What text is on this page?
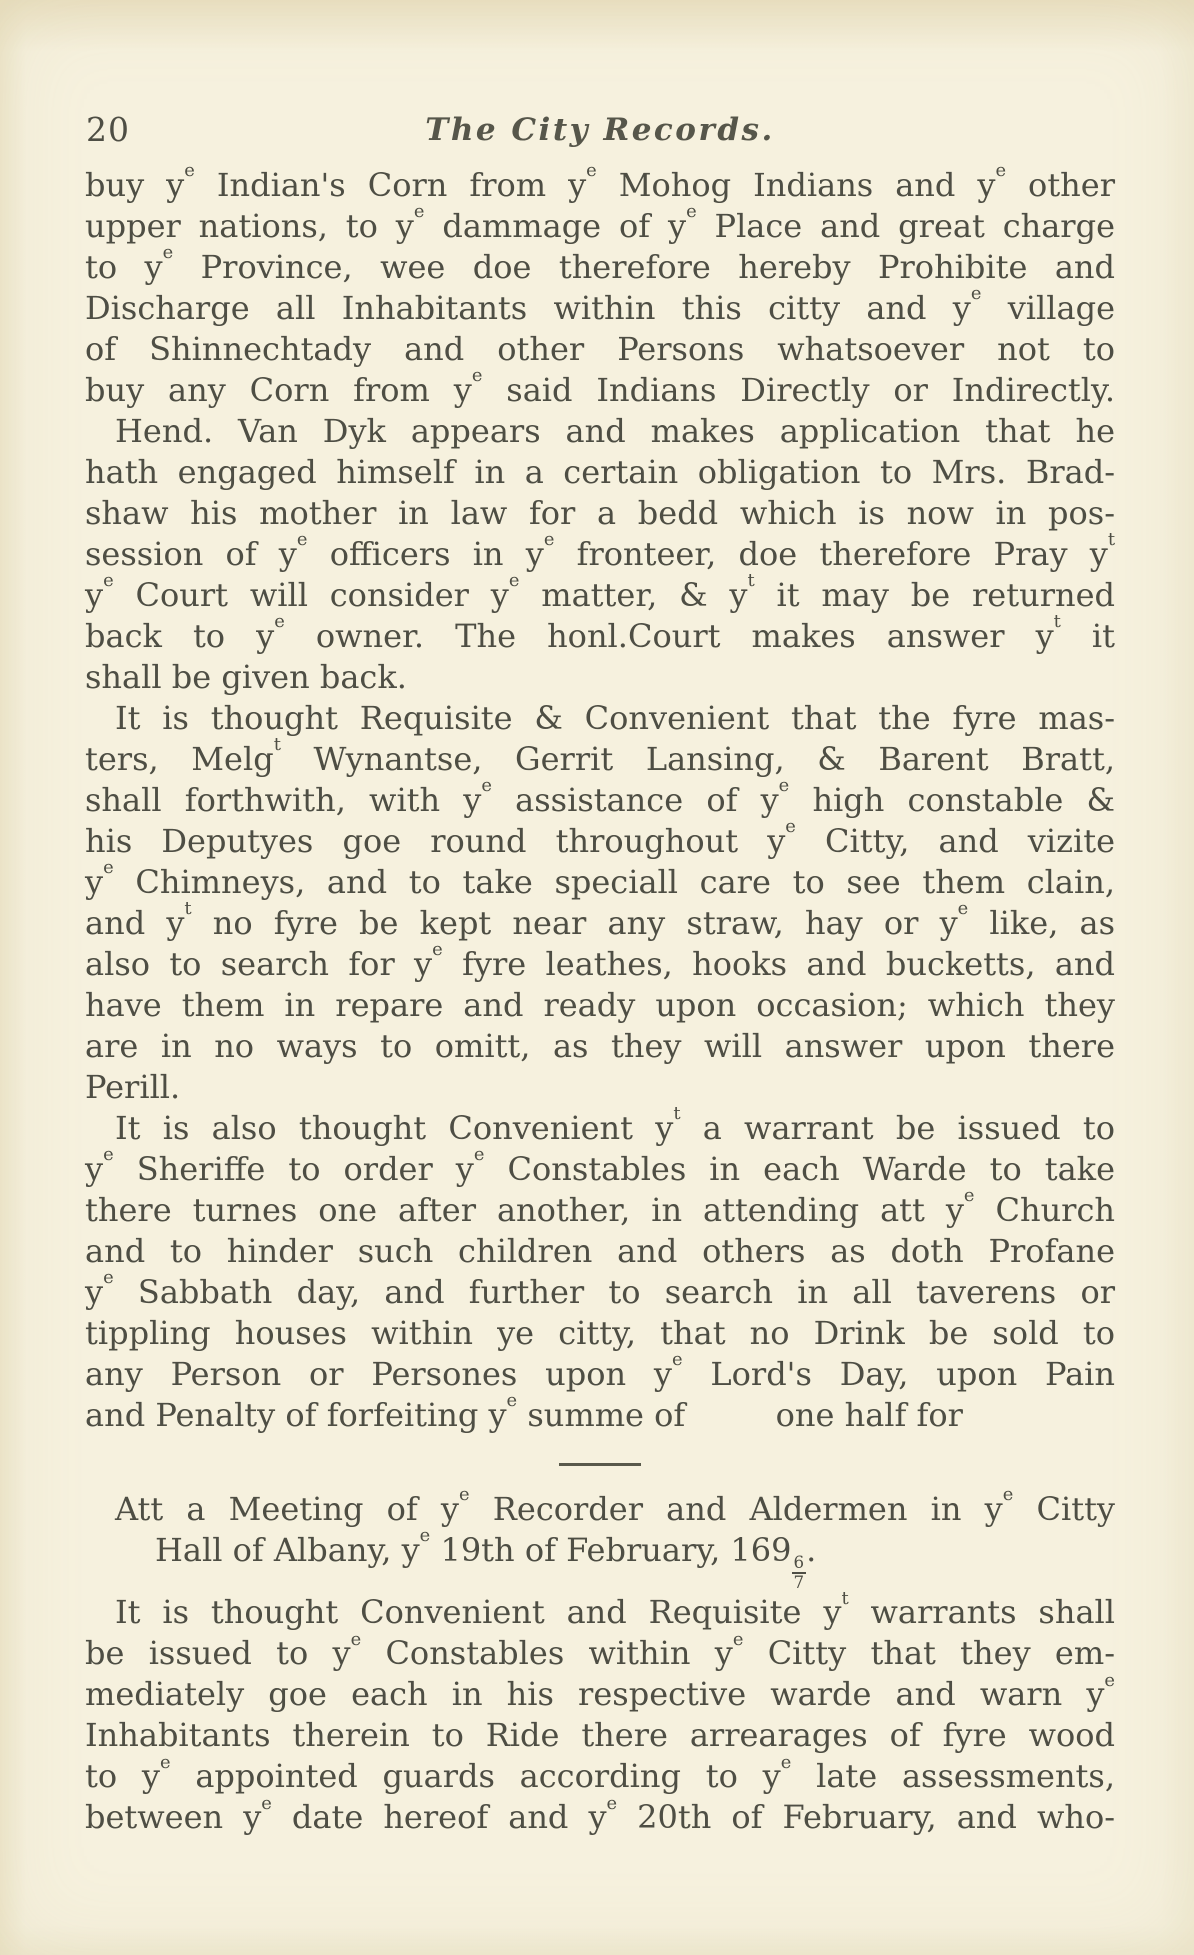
20	The City Records.
buy $y^e$ Indian's Corn from $y^e$ Mohog Indians and $y^e$ other
upper nations, to $y^e$ dammage of $y^e$ Place and great charge
to $y^e$ Province, wee doe therefore hereby Prohibite and
Discharge all Inhabitants within this citty and $y^e$ village
of Shinnechtady and other Persons whatsoever not to
buy any Corn from $y^e$ said Indians Directly or Indirectly.
Hend. Van Dyk appears and makes application that he
hath engaged himself in a certain obligation to Mrs. Brad-
shaw his mother in law for a bedd which is now in pos-
session of $y^e$ officers in $y^e$ fronteer, doe therefore Pray $y^t$
$y^e$ Court will consider $y^e$ matter, & $y^t$ it may be returned
back to $y^e$ owner. The honl.Court makes answer $y^t$ it
shall be given back.
It is thought Requisite & Convenient that the fyre mas-
ters, Melg$^t$ Wynantse, Gerrit Lansing, & Barent Bratt,
shall forthwith, with $y^e$ assistance of $y^e$ high constable &
his Deputyes goe round throughout $y^e$ Citty, and vizite
$y^e$ Chimneys, and to take speciall care to see them clain,
and $y^t$ no fyre be kept near any straw, hay or $y^e$ like, as
also to search for $y^e$ fyre leathes, hooks and bucketts, and
have them in repare and ready upon occasion; which they
are in no ways to omitt, as they will answer upon there
Perill.
It is also thought Convenient $y^t$ a warrant be issued to
$y^e$ Sheriffe to order $y^e$ Constables in each Warde to take
there turnes one after another, in attending att $y^e$ Church
and to hinder such children and others as doth Profane
$y^e$ Sabbath day, and further to search in all taverens or
tippling houses within ye citty, that no Drink be sold to
any Person or Persones upon $y^e$ Lord's Day, upon Pain
and Penalty of forfeiting $y^e$ summe of  one half for
Att a Meeting of $y^e$ Recorder and Aldermen in $y^e$ Citty
Hall of Albany, $y^e$ 19th of February, 169
$\frac{6}{7}$
.
It is thought Convenient and Requisite $y^t$ warrants shall
be issued to $y^e$ Constables within $y^e$ Citty that they em-
mediately goe each in his respective warde and warn $y^e$
Inhabitants therein to Ride there arrearages of fyre wood
to $y^e$ appointed guards according to $y^e$ late assessments,
between $y^e$ date hereof and $y^e$ 20th of February, and who-
